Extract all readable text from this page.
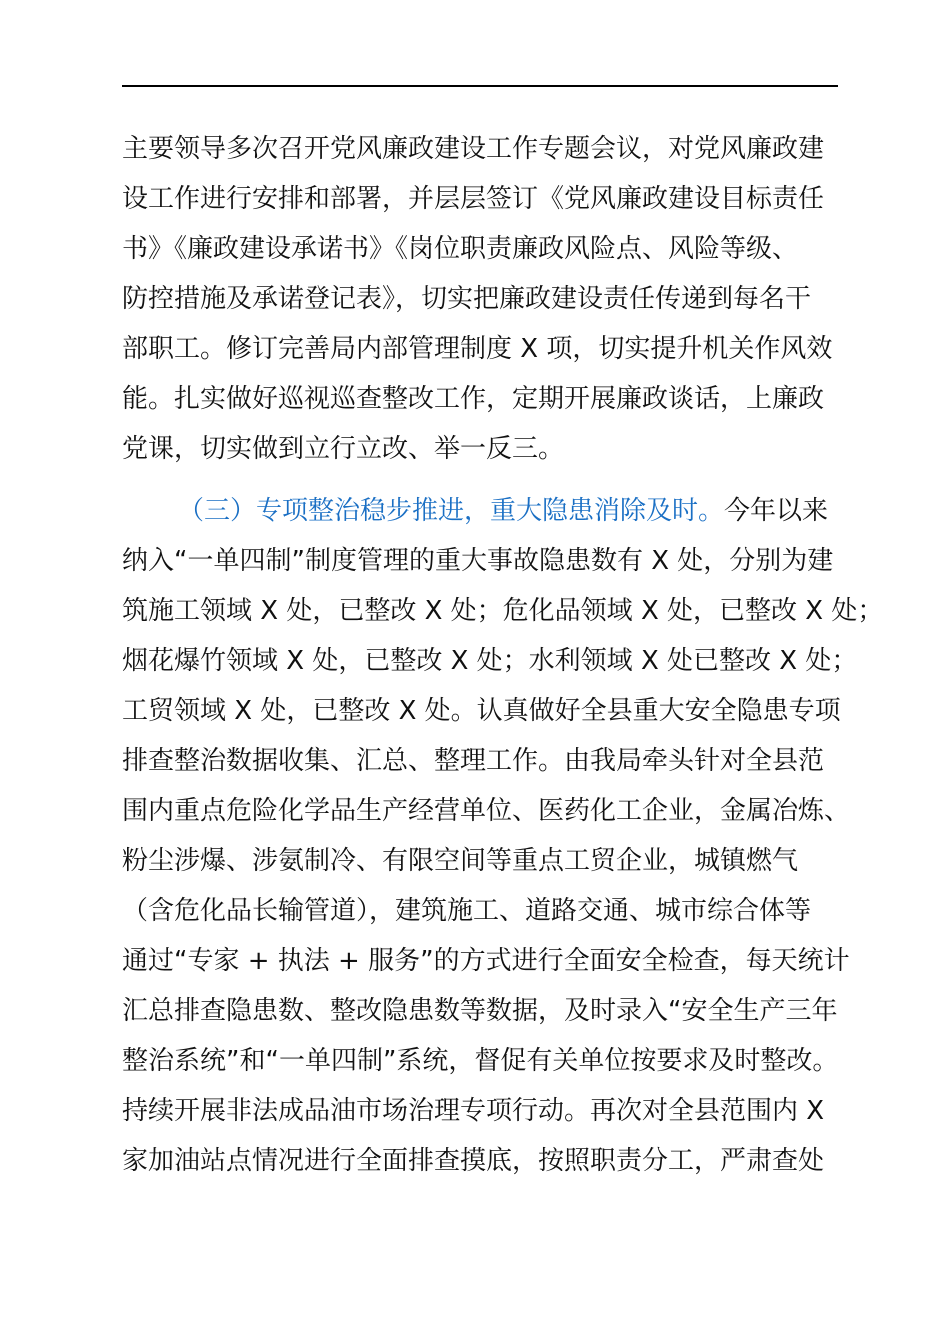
主要领导多次召开党风廉政建设工作专题会议，对党风廉政建
设工作进行安排和部署，并层层签订《党风廉政建设目标责任
书》《廉政建设承诺书》《岗位职责廉政风险点、风险等级、
防控措施及承诺登记表》，切实把廉政建设责任传递到每名干
部职工。修订完善局内部管理制度 X 项，切实提升机关作风效
能。扎实做好巡视巡查整改工作，定期开展廉政谈话，上廉政
党课，切实做到立行立改、举一反三。
（三）专项整治稳步推进，重大隐患消除及时。今年以来
纳入“一单四制”制度管理的重大事故隐患数有 X 处，分别为建
筑施工领域 X 处，已整改 X 处；危化品领域 X 处，已整改 X 处；
烟花爆竹领域 X 处，已整改 X 处；水利领域 X 处已整改 X 处；
工贸领域 X 处，已整改 X 处。认真做好全县重大安全隐患专项
排查整治数据收集、汇总、整理工作。由我局牵头针对全县范
围内重点危险化学品生产经营单位、医药化工企业，金属冶炼、
粉尘涉爆、涉氨制冷、有限空间等重点工贸企业，城镇燃气
（含危化品长输管道），建筑施工、道路交通、城市综合体等
通过“专家 + 执法 + 服务”的方式进行全面安全检查，每天统计
汇总排查隐患数、整改隐患数等数据，及时录入“安全生产三年
整治系统”和“一单四制”系统，督促有关单位按要求及时整改。
持续开展非法成品油市场治理专项行动。再次对全县范围内 X
家加油站点情况进行全面排查摸底，按照职责分工，严肃查处
